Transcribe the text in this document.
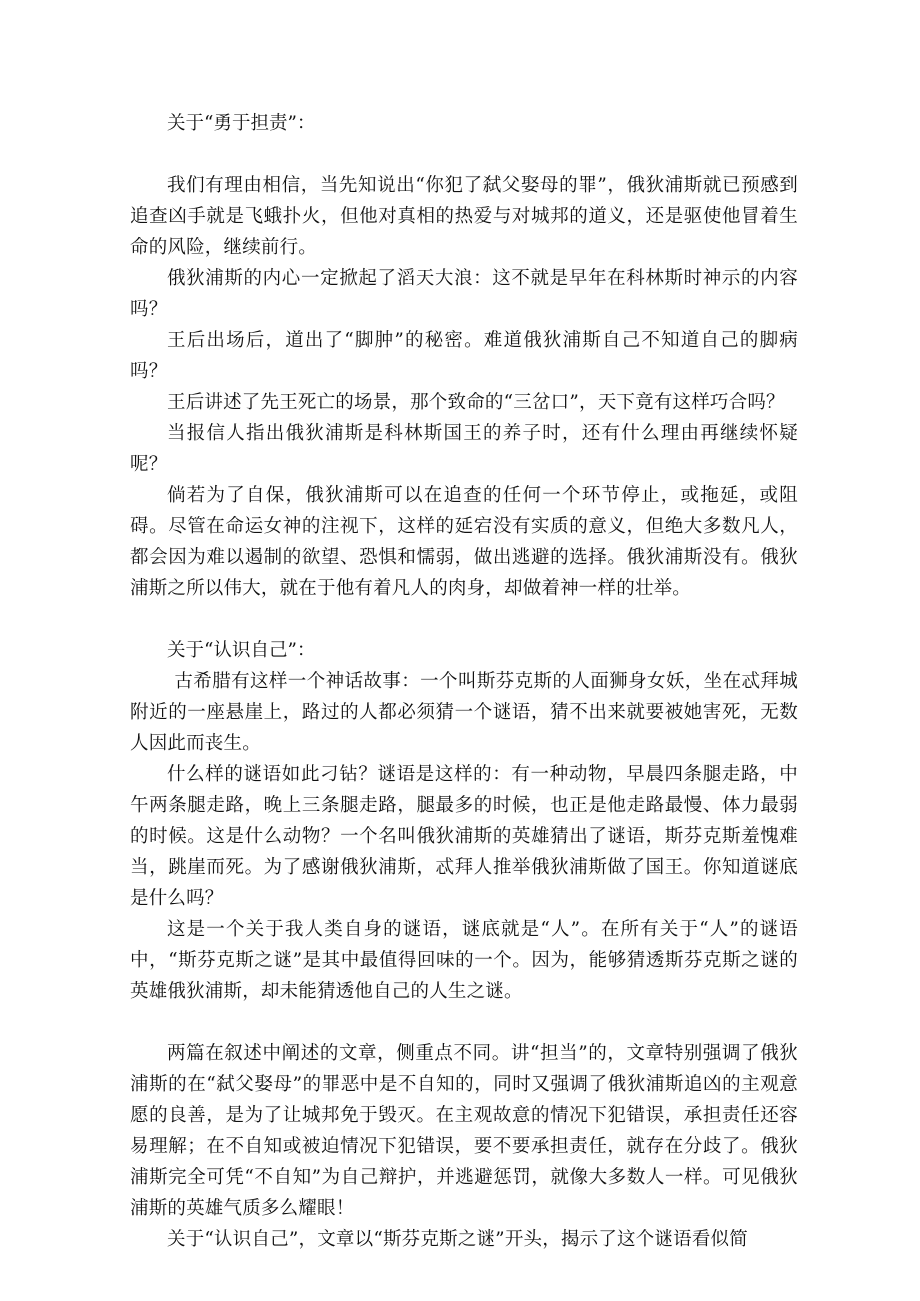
关于“勇于担责”：

我们有理由相信，当先知说出“你犯了弑父娶母的罪”，俄狄浦斯就已预感到追查凶手就是飞蛾扑火，但他对真相的热爱与对城邦的道义，还是驱使他冒着生命的风险，继续前行。

俄狄浦斯的内心一定掀起了滔天大浪：这不就是早年在科林斯时神示的内容吗？

王后出场后，道出了“脚肿”的秘密。难道俄狄浦斯自己不知道自己的脚病吗？

王后讲述了先王死亡的场景，那个致命的“三岔口”，天下竟有这样巧合吗？

当报信人指出俄狄浦斯是科林斯国王的养子时，还有什么理由再继续怀疑呢？

倘若为了自保，俄狄浦斯可以在追查的任何一个环节停止，或拖延，或阻碍。尽管在命运女神的注视下，这样的延宕没有实质的意义，但绝大多数凡人，都会因为难以遏制的欲望、恐惧和懦弱，做出逃避的选择。俄狄浦斯没有。俄狄浦斯之所以伟大，就在于他有着凡人的肉身，却做着神一样的壮举。

关于“认识自己”：

古希腊有这样一个神话故事：一个叫斯芬克斯的人面狮身女妖，坐在忒拜城附近的一座悬崖上，路过的人都必须猜一个谜语，猜不出来就要被她害死，无数人因此而丧生。

什么样的谜语如此刁钻？谜语是这样的：有一种动物，早晨四条腿走路，中午两条腿走路，晚上三条腿走路，腿最多的时候，也正是他走路最慢、体力最弱的时候。这是什么动物？一个名叫俄狄浦斯的英雄猜出了谜语，斯芬克斯羞愧难当，跳崖而死。为了感谢俄狄浦斯，忒拜人推举俄狄浦斯做了国王。你知道谜底是什么吗？

这是一个关于我人类自身的谜语，谜底就是“人”。在所有关于“人”的谜语中，“斯芬克斯之谜”是其中最值得回味的一个。因为，能够猜透斯芬克斯之谜的英雄俄狄浦斯，却未能猜透他自己的人生之谜。

两篇在叙述中阐述的文章，侧重点不同。讲“担当”的，文章特别强调了俄狄浦斯的在“弑父娶母”的罪恶中是不自知的，同时又强调了俄狄浦斯追凶的主观意愿的良善，是为了让城邦免于毁灭。在主观故意的情况下犯错误，承担责任还容易理解；在不自知或被迫情况下犯错误，要不要承担责任，就存在分歧了。俄狄浦斯完全可凭“不自知”为自己辩护，并逃避惩罚，就像大多数人一样。可见俄狄浦斯的英雄气质多么耀眼！

关于“认识自己”，文章以“斯芬克斯之谜”开头，揭示了这个谜语看似简
